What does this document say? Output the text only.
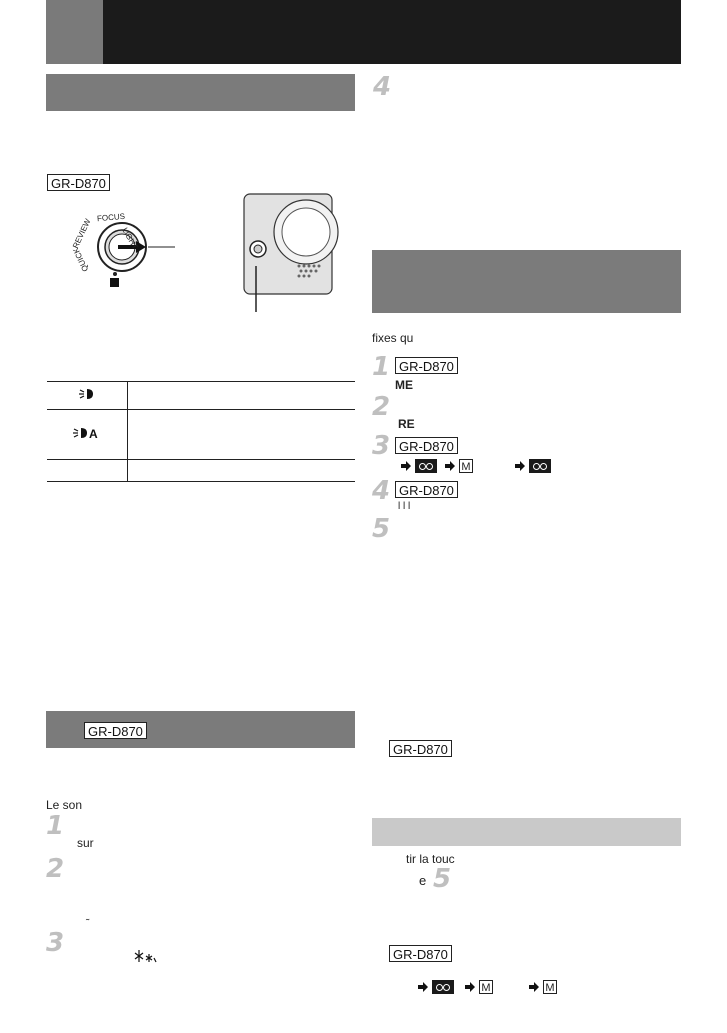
GR-D870
FOCUS
LIGHT
REVIEW
QUICK

A	

GR-D870
Le son
1
sur
2
˜
3
4
fixes qu
1 GR-D870
ME
2
RE
3 GR-D870
M
4 GR-D870
l l l
5
GR-D870
tir la touc
e 5
GR-D870
M	M
